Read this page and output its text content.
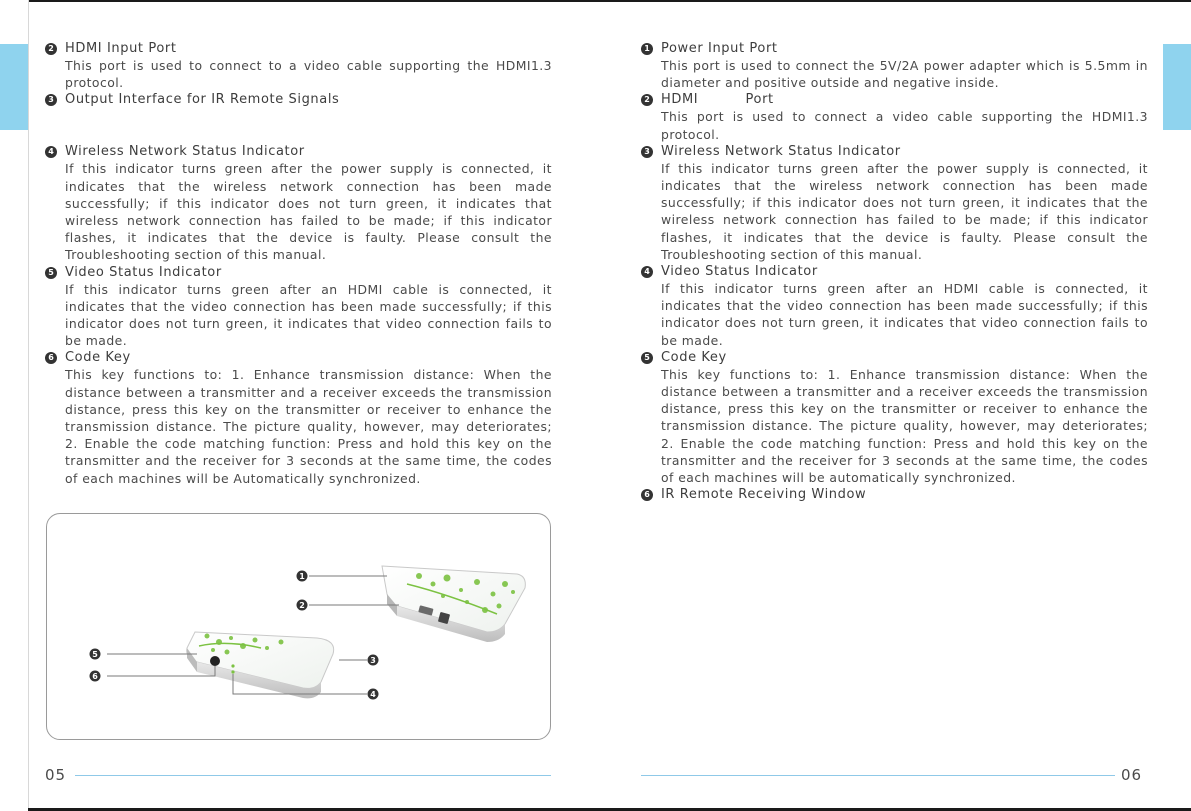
2 HDMI Input Port
This port is used to connect to a video cable supporting the HDMI1.3 protocol.
3 Output Interface for IR Remote Signals
4 Wireless Network Status Indicator
If this indicator turns green after the power supply is connected, it indicates that the wireless network connection has been made successfully; if this indicator does not turn green, it indicates that wireless network connection has failed to be made; if this indicator flashes, it indicates that the device is faulty. Please consult the Troubleshooting section of this manual.
5 Video Status Indicator
If this indicator turns green after an HDMI cable is connected, it indicates that the video connection has been made successfully; if this indicator does not turn green, it indicates that video connection fails to be made.
6 Code Key
This key functions to: 1. Enhance transmission distance: When the distance between a transmitter and a receiver exceeds the transmission distance, press this key on the transmitter or receiver to enhance the transmission distance. The picture quality, however, may deteriorates; 2. Enable the code matching function: Press and hold this key on the transmitter and the receiver for 3 seconds at the same time, the codes of each machines will be Automatically synchronized.
1
2
3
4
5
6
1 Power Input Port
This port is used to connect the 5V/2A power adapter which is 5.5mm in diameter and positive outside and negative inside.
2 HDMI          Port
This port is used to connect a video cable supporting the HDMI1.3 protocol.
3 Wireless Network Status Indicator
If this indicator turns green after the power supply is connected, it indicates that the wireless network connection has been made successfully; if this indicator does not turn green, it indicates that the wireless network connection has failed to be made; if this indicator flashes, it indicates that the device is faulty. Please consult the Troubleshooting section of this manual.
4 Video Status Indicator
If this indicator turns green after an HDMI cable is connected, it indicates that the video connection has been made successfully; if this indicator does not turn green, it indicates that video connection fails to be made.
5 Code Key
This key functions to: 1. Enhance transmission distance: When the distance between a transmitter and a receiver exceeds the transmission distance, press this key on the transmitter or receiver to enhance the transmission distance. The picture quality, however, may deteriorates; 2. Enable the code matching function: Press and hold this key on the transmitter and the receiver for 3 seconds at the same time, the codes of each machines will be automatically synchronized.
6 IR Remote Receiving Window
05	06
